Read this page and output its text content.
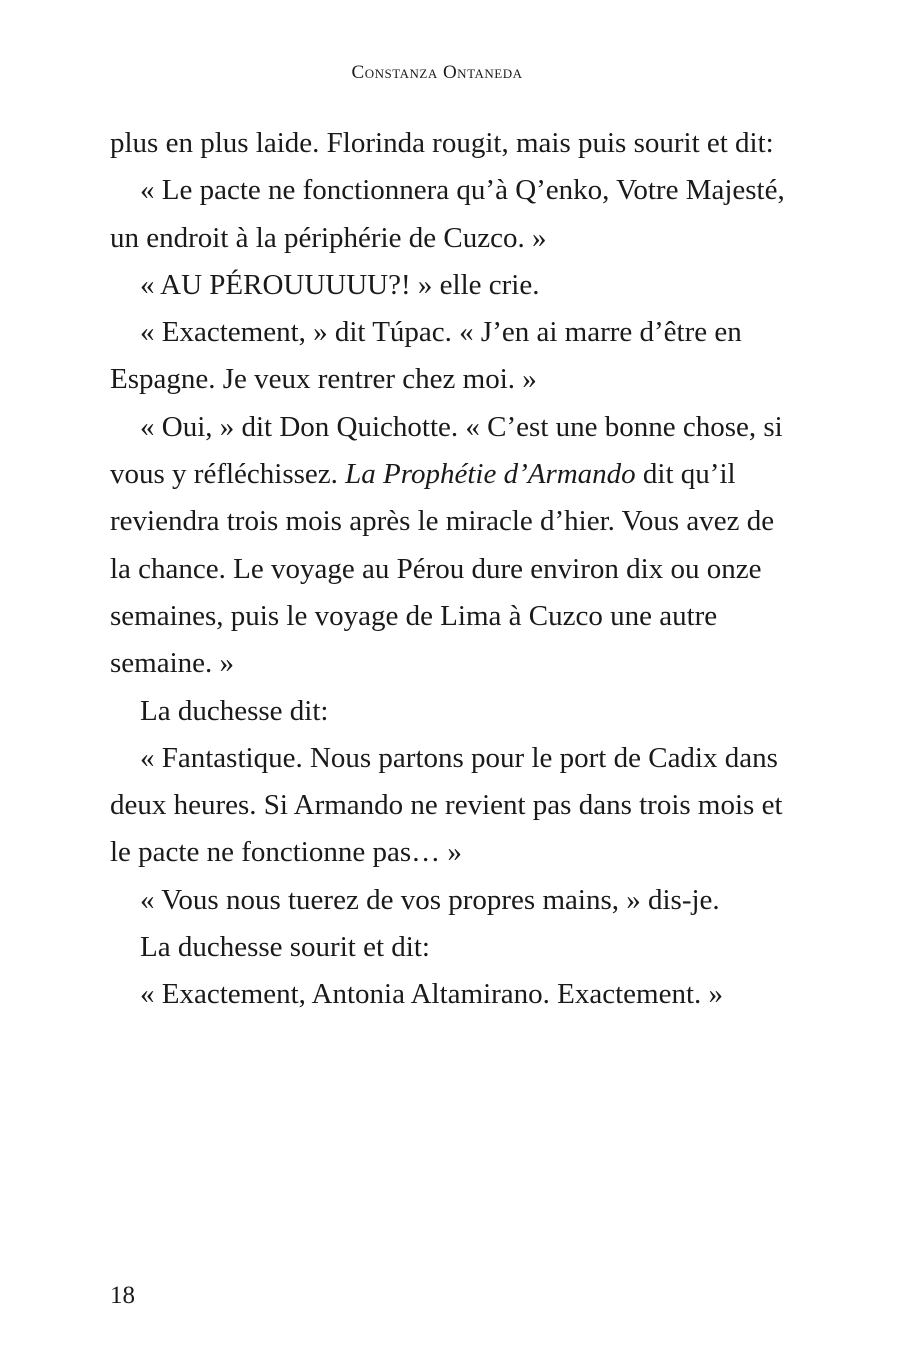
Constanza Ontaneda

plus en plus laide. Florinda rougit, mais puis sourit et dit:

« Le pacte ne fonctionnera qu’à Q’enko, Votre Majesté, un endroit à la périphérie de Cuzco. »

« AU PÉROUUUUU?! » elle crie.

« Exactement, » dit Túpac. « J’en ai marre d’être en Espagne. Je veux rentrer chez moi. »

« Oui, » dit Don Quichotte. « C’est une bonne chose, si vous y réfléchissez. La Prophétie d’Armando dit qu’il reviendra trois mois après le miracle d’hier. Vous avez de la chance. Le voyage au Pérou dure environ dix ou onze semaines, puis le voyage de Lima à Cuzco une autre semaine. »

La duchesse dit:

« Fantastique. Nous partons pour le port de Cadix dans deux heures. Si Armando ne revient pas dans trois mois et le pacte ne fonctionne pas… »

« Vous nous tuerez de vos propres mains, » dis-je.

La duchesse sourit et dit:

« Exactement, Antonia Altamirano. Exactement. »

18
